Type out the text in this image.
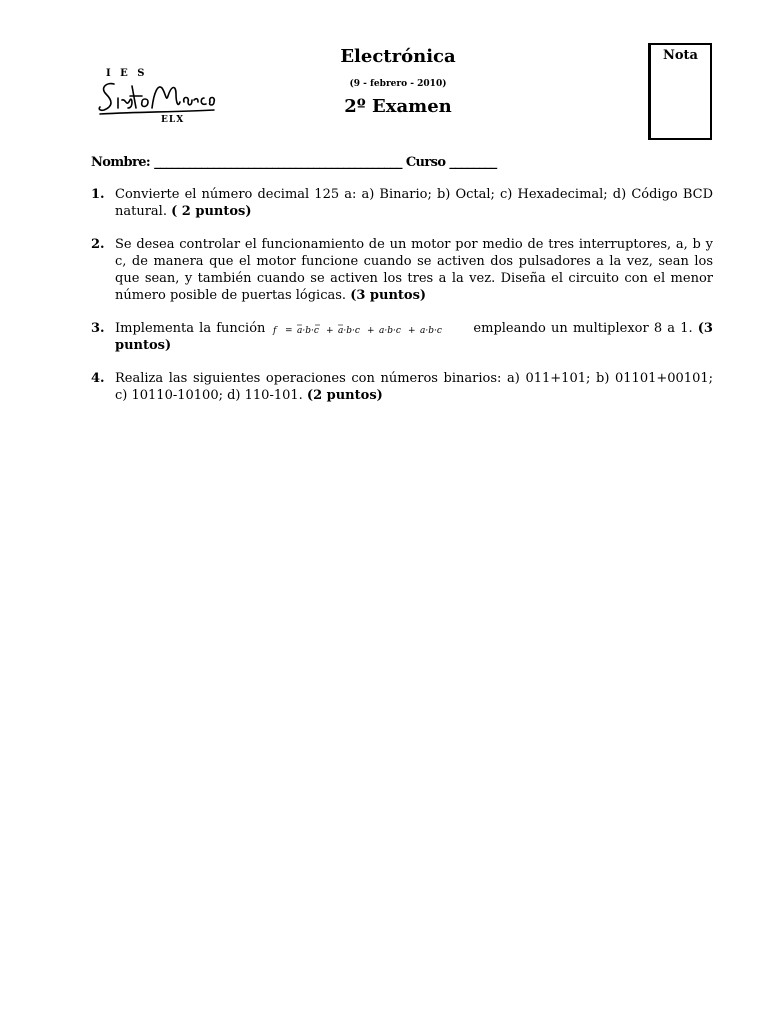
I E S
ELX
Electrónica
(9 - febrero - 2010)
2º Examen
Nota
Nombre: __________________________________________ Curso ________
1. Convierte el número decimal 125 a: a) Binario; b) Octal; c) Hexadecimal; d) Código BCD natural. ( 2 puntos)
2. Se desea controlar el funcionamiento de un motor por medio de tres interruptores, a, b y c, de manera que el motor funcione cuando se activen dos pulsadores a la vez, sean los que sean, y también cuando se activen los tres a la vez. Diseña el circuito con el menor número posible de puertas lógicas. (3 puntos)
3. Implementa la función f = a·b·c + a·b·c + a·b·c + a·b·c empleando un multiplexor 8 a 1. (3 puntos)
4. Realiza las siguientes operaciones con números binarios: a) 011+101; b) 01101+00101; c) 10110-10100; d) 110-101. (2 puntos)
